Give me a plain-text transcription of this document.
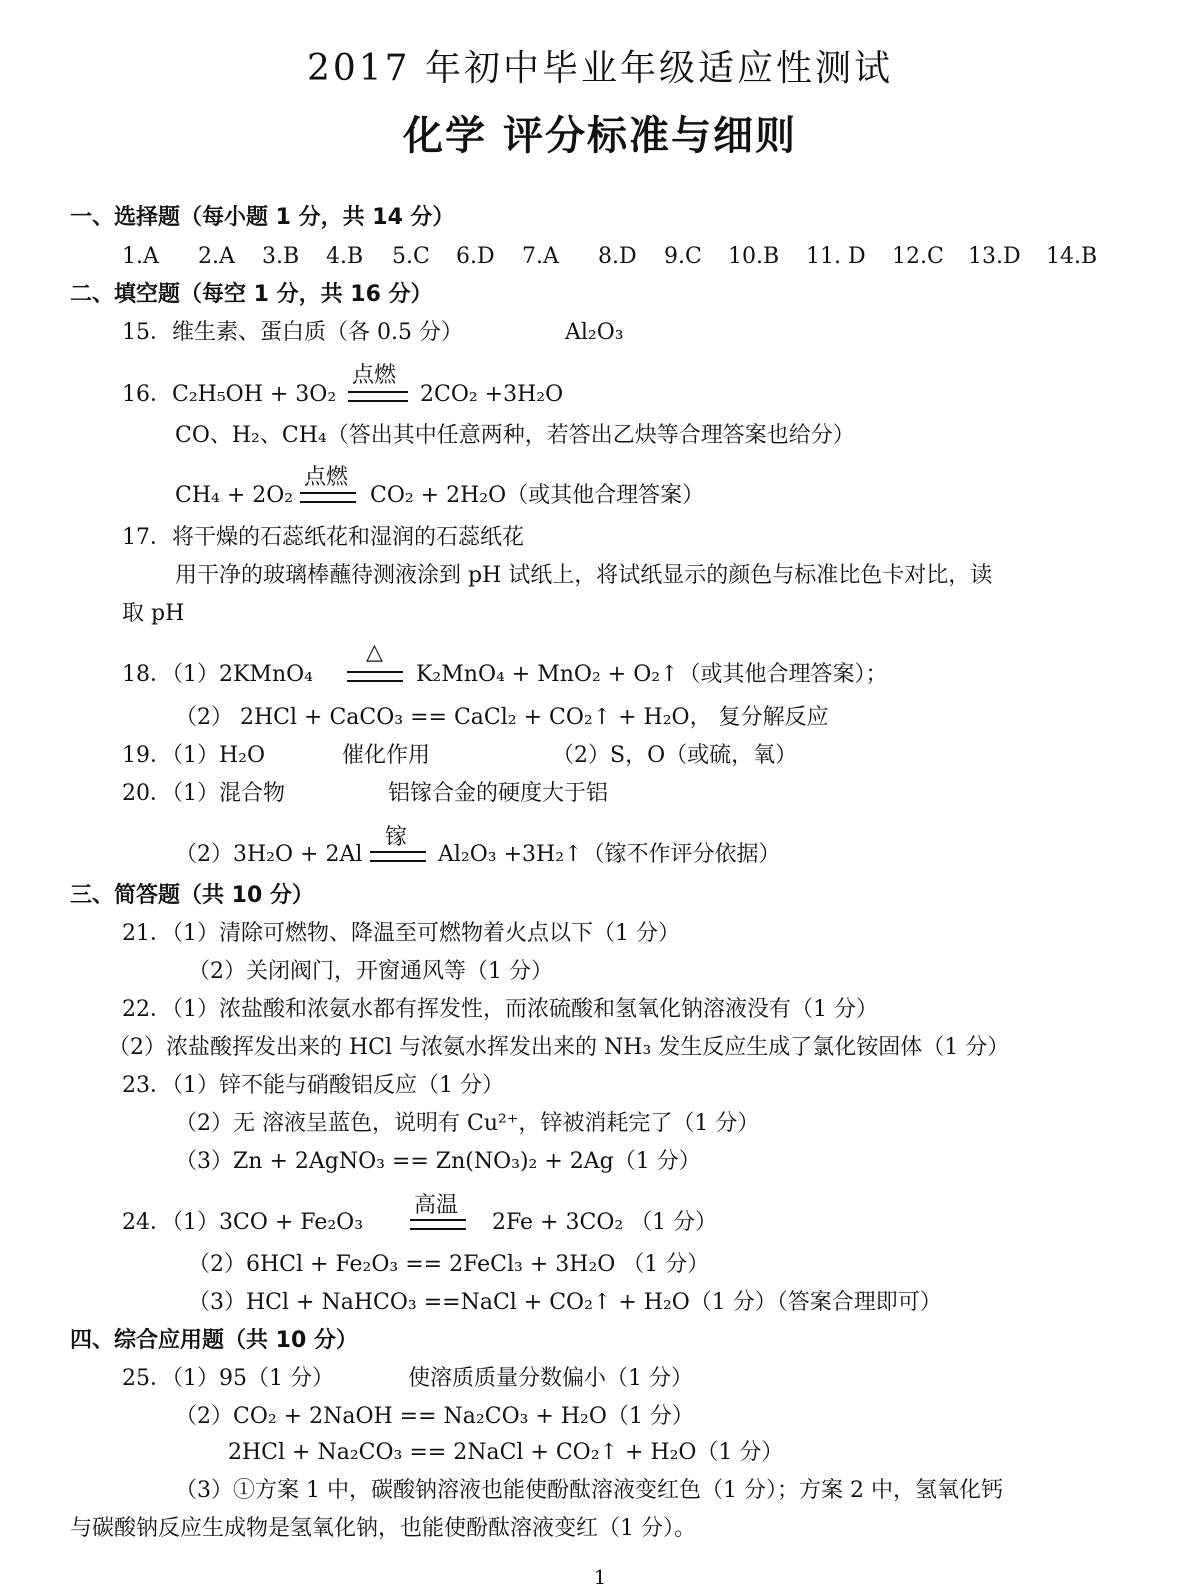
2017 年初中毕业年级适应性测试
化学 评分标准与细则
一、选择题（每小题 1 分，共 14 分）
1.A 2.A 3.B 4.B 5.C 6.D 7.A 8.D 9.C 10.B 11. D 12.C 13.D 14.B
二、填空题（每空 1 分，共 16 分）
15．维生素、蛋白质（各 0.5 分）	Al₂O₃
16．C₂H₅OH + 3O₂
点燃
2CO₂ +3H₂O
CO、H₂、CH₄（答出其中任意两种，若答出乙炔等合理答案也给分）
CH₄ + 2O₂
点燃
CO₂ + 2H₂O（或其他合理答案）
17．将干燥的石蕊纸花和湿润的石蕊纸花
用干净的玻璃棒蘸待测液涂到 pH 试纸上，将试纸显示的颜色与标准比色卡对比，读
取 pH
18．（1）2KMnO₄
△
K₂MnO₄ + MnO₂ + O₂↑（或其他合理答案）；
（2） 2HCl + CaCO₃ == CaCl₂ + CO₂↑ + H₂O， 复分解反应
19．（1）H₂O	催化作用	（2）S，O（或硫，氧）
20．（1）混合物	铝镓合金的硬度大于铝
（2）3H₂O + 2Al
镓
Al₂O₃ +3H₂↑（镓不作评分依据）
三、简答题（共 10 分）
21．（1）清除可燃物、降温至可燃物着火点以下（1 分）
（2）关闭阀门，开窗通风等（1 分）
22．（1）浓盐酸和浓氨水都有挥发性，而浓硫酸和氢氧化钠溶液没有（1 分）
（2）浓盐酸挥发出来的 HCl 与浓氨水挥发出来的 NH₃ 发生反应生成了氯化铵固体（1 分）
23．（1）锌不能与硝酸铝反应（1 分）
（2）无 溶液呈蓝色，说明有 Cu²⁺，锌被消耗完了（1 分）
（3）Zn + 2AgNO₃ == Zn(NO₃)₂ + 2Ag（1 分）
24．（1）3CO + Fe₂O₃
高温
2Fe + 3CO₂ （1 分）
（2）6HCl + Fe₂O₃ == 2FeCl₃ + 3H₂O （1 分）
（3）HCl + NaHCO₃ ==NaCl + CO₂↑ + H₂O（1 分）（答案合理即可）
四、综合应用题（共 10 分）
25．（1）95（1 分）	使溶质质量分数偏小（1 分）
（2）CO₂ + 2NaOH == Na₂CO₃ + H₂O（1 分）
2HCl + Na₂CO₃ == 2NaCl + CO₂↑ + H₂O（1 分）
（3）①方案 1 中，碳酸钠溶液也能使酚酞溶液变红色（1 分）；方案 2 中，氢氧化钙
与碳酸钠反应生成物是氢氧化钠，也能使酚酞溶液变红（1 分）。
1
